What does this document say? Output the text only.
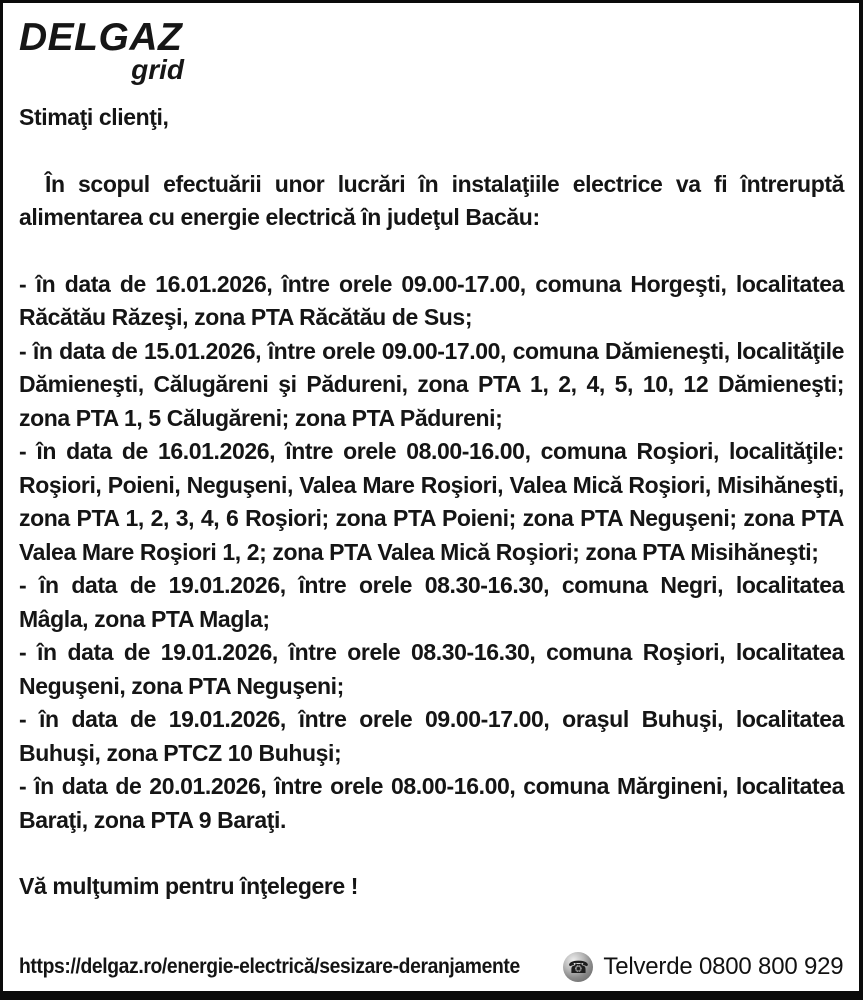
DELGAZ
grid

Stimaţi clienţi,

În scopul efectuării unor lucrări în instalaţiile electrice va fi întreruptă alimentarea cu energie electrică în judeţul Bacău:

- în data de 16.01.2026, între orele 09.00-17.00, comuna Horgeşti, localitatea Răcătău Răzeşi, zona PTA Răcătău de Sus;

- în data de 15.01.2026, între orele 09.00-17.00, comuna Dămieneşti, localităţile Dămieneşti, Călugăreni şi Pădureni, zona PTA 1, 2, 4, 5, 10, 12 Dămieneşti; zona PTA 1, 5 Călugăreni; zona PTA Pădureni;

- în data de 16.01.2026, între orele 08.00-16.00, comuna Roşiori, localităţile: Roşiori, Poieni, Neguşeni, Valea Mare Roşiori, Valea Mică Roşiori, Misihăneşti, zona PTA 1, 2, 3, 4, 6 Roşiori; zona PTA Poieni; zona PTA Neguşeni; zona PTA Valea Mare Roşiori 1, 2; zona PTA Valea Mică Roşiori; zona PTA Misihăneşti;

- în data de 19.01.2026, între orele 08.30-16.30, comuna Negri, localitatea Mâgla, zona PTA Magla;

- în data de 19.01.2026, între orele 08.30-16.30, comuna Roşiori, localitatea Neguşeni, zona PTA Neguşeni;

- în data de 19.01.2026, între orele 09.00-17.00, oraşul Buhuşi, localitatea Buhuşi, zona PTCZ 10 Buhuşi;

- în data de 20.01.2026, între orele 08.00-16.00, comuna Mărgineni, localitatea Baraţi, zona PTA 9 Baraţi.

Vă mulţumim pentru înţelegere !

https://delgaz.ro/energie-electrică/sesizare-deranjamente	☎ Telverde 0800 800 929
